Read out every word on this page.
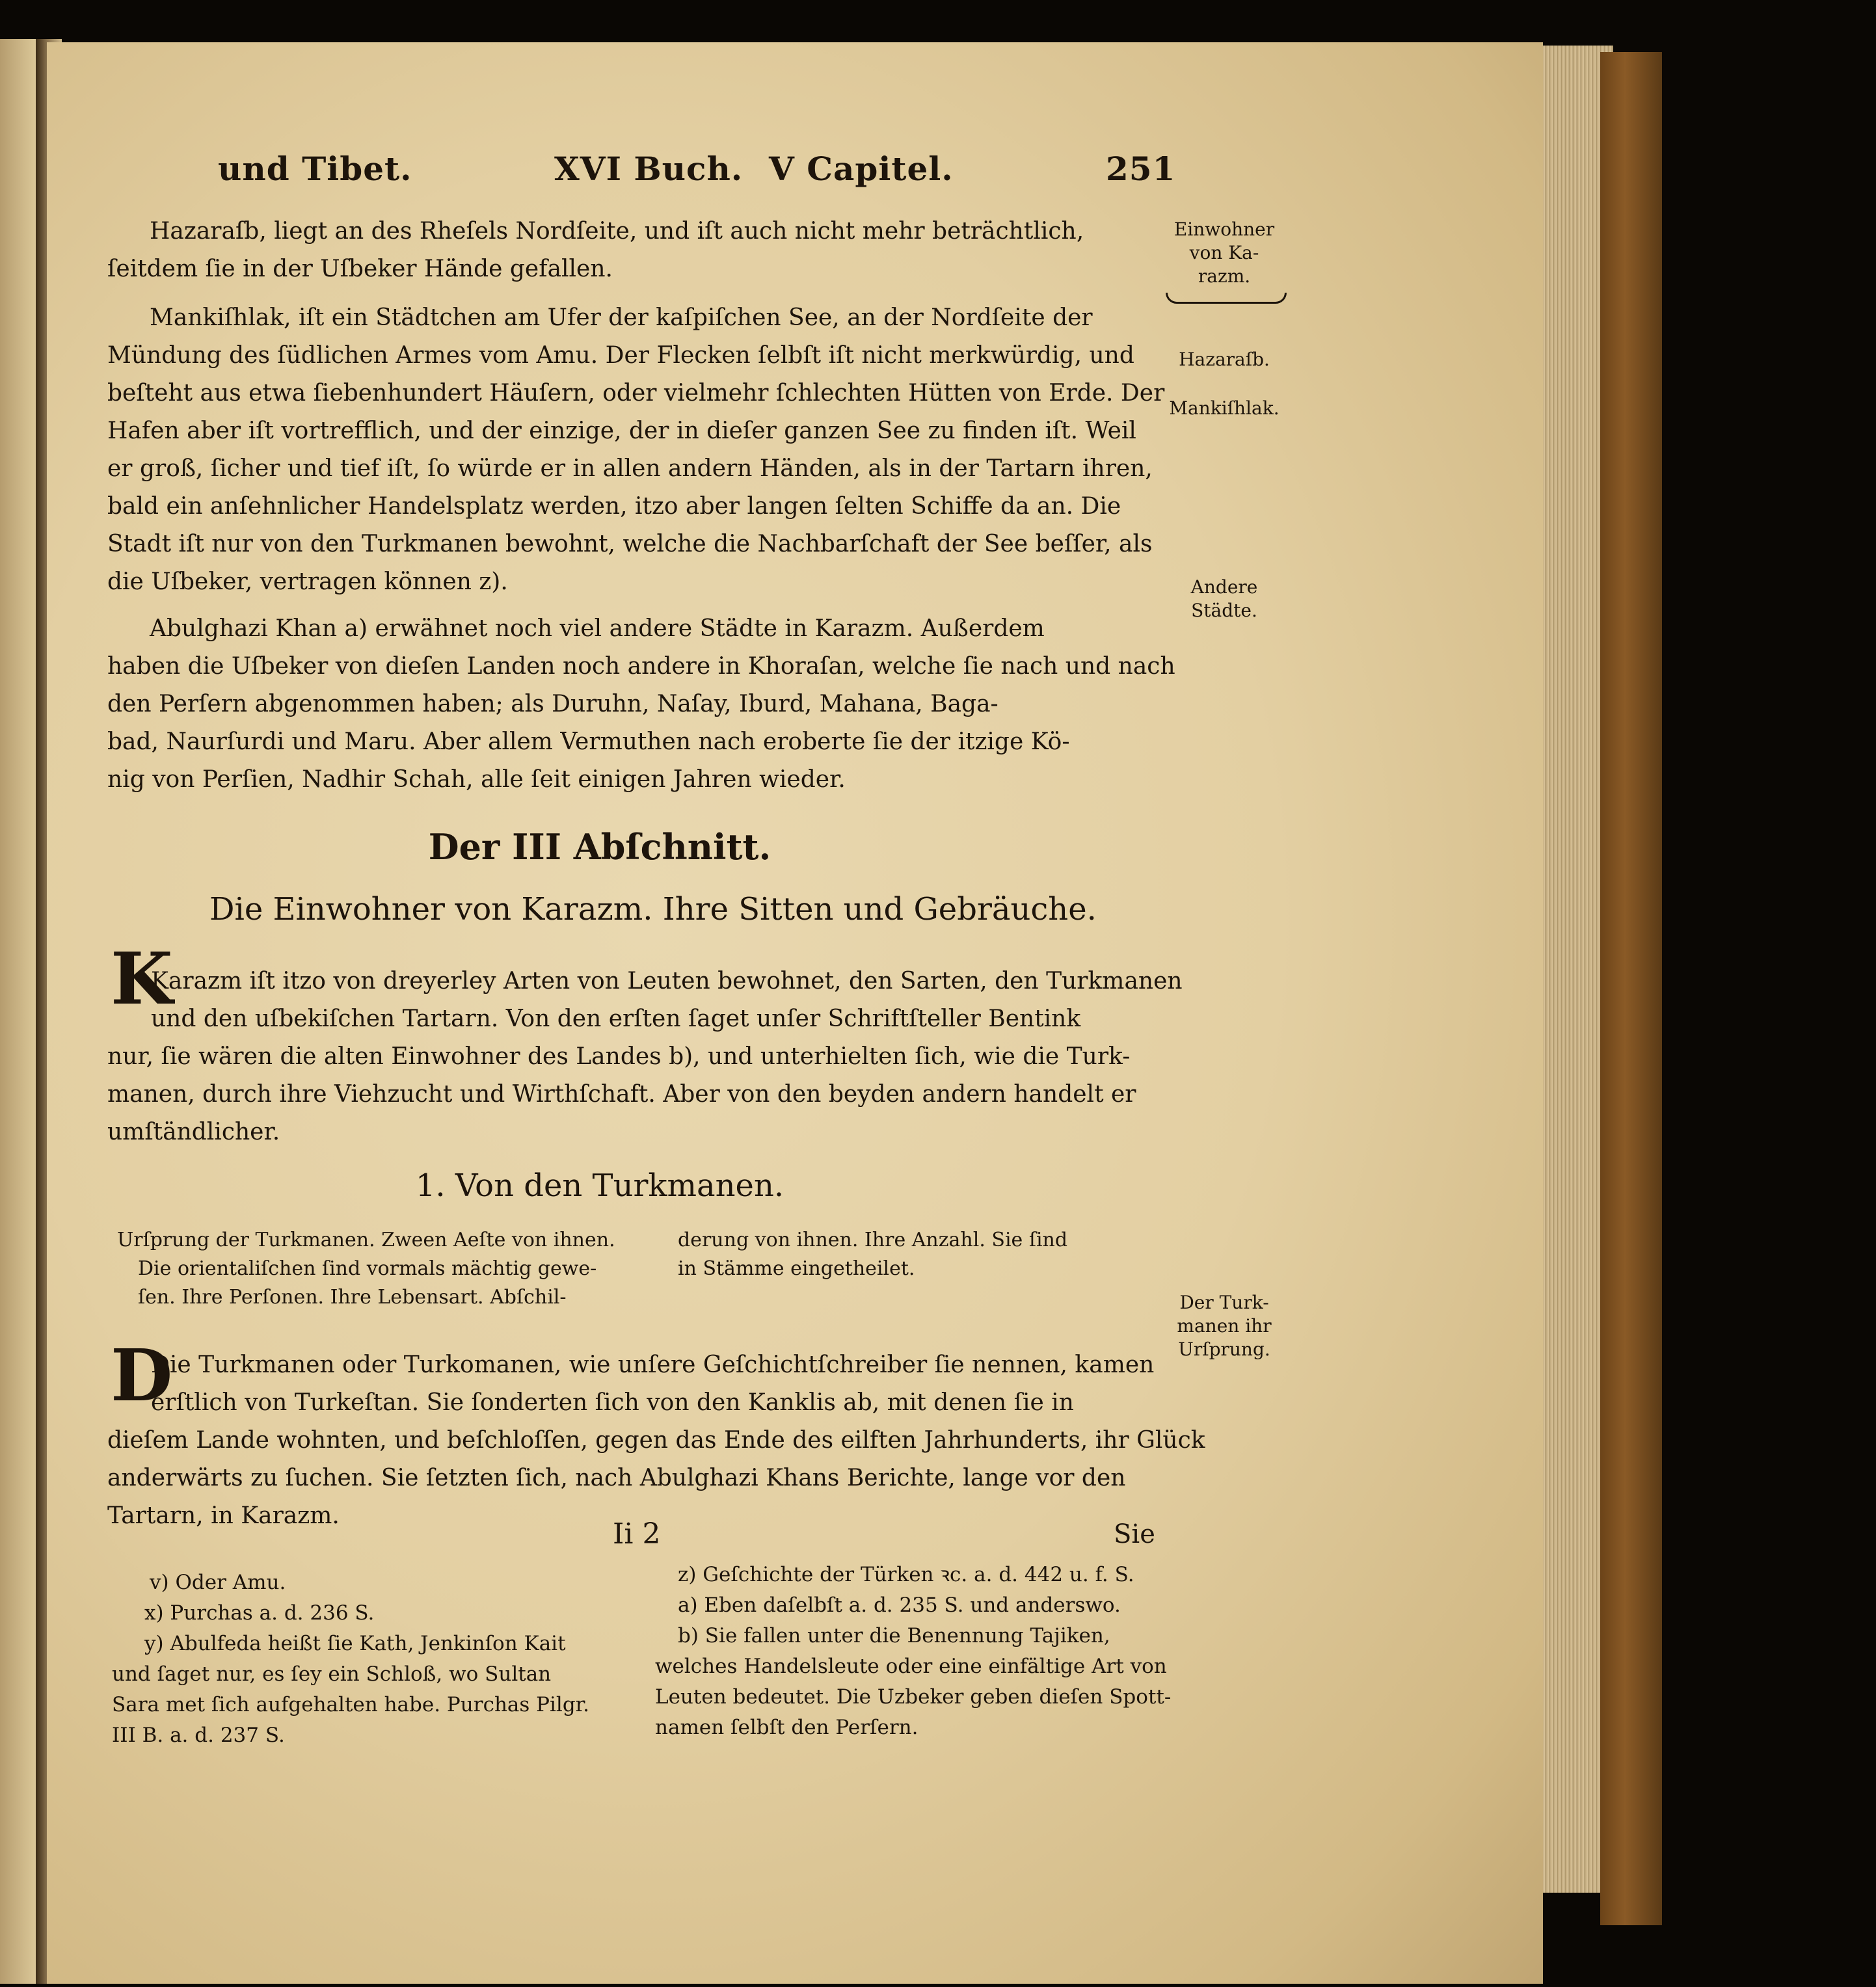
und Tibet.	XVI Buch. V Capitel.	251
Hazaraſb, liegt an des Rheſels Nordſeite, und iſt auch nicht mehr beträchtlich,
ſeitdem ſie in der Uſbeker Hände gefallen.
Mankiſhlak, iſt ein Städtchen am Ufer der kaſpiſchen See, an der Nordſeite der
Mündung des ſüdlichen Armes vom Amu. Der Flecken ſelbſt iſt nicht merkwürdig, und
beſteht aus etwa ſiebenhundert Häuſern, oder vielmehr ſchlechten Hütten von Erde. Der
Hafen aber iſt vortrefflich, und der einzige, der in dieſer ganzen See zu finden iſt. Weil
er groß, ſicher und tief iſt, ſo würde er in allen andern Händen, als in der Tartarn ihren,
bald ein anſehnlicher Handelsplatz werden, itzo aber langen ſelten Schiffe da an. Die
Stadt iſt nur von den Turkmanen bewohnt, welche die Nachbarſchaft der See beſſer, als
die Uſbeker, vertragen können z).
Abulghazi Khan a) erwähnet noch viel andere Städte in Karazm. Außerdem
haben die Uſbeker von dieſen Landen noch andere in Khoraſan, welche ſie nach und nach
den Perſern abgenommen haben; als Duruhn, Naſay, Iburd, Mahana, Baga-
bad, Naurſurdi und Maru. Aber allem Vermuthen nach eroberte ſie der itzige Kö-
nig von Perſien, Nadhir Schah, alle ſeit einigen Jahren wieder.
Der III Abſchnitt.
Die Einwohner von Karazm. Ihre Sitten und Gebräuche.
K
Karazm iſt itzo von dreyerley Arten von Leuten bewohnet, den Sarten, den Turkmanen
und den uſbekiſchen Tartarn. Von den erſten ſaget unſer Schriftſteller Bentink
nur, ſie wären die alten Einwohner des Landes b), und unterhielten ſich, wie die Turk-
manen, durch ihre Viehzucht und Wirthſchaft. Aber von den beyden andern handelt er
umſtändlicher.
1. Von den Turkmanen.
Urſprung der Turkmanen. Zween Aeſte von ihnen.
Die orientaliſchen ſind vormals mächtig gewe-
ſen. Ihre Perſonen. Ihre Lebensart. Abſchil-
derung von ihnen. Ihre Anzahl. Sie ſind
in Stämme eingetheilet.
D
Die Turkmanen oder Turkomanen, wie unſere Geſchichtſchreiber ſie nennen, kamen
erſtlich von Turkeſtan. Sie ſonderten ſich von den Kanklis ab, mit denen ſie in
dieſem Lande wohnten, und beſchloſſen, gegen das Ende des eilften Jahrhunderts, ihr Glück
anderwärts zu ſuchen. Sie ſetzten ſich, nach Abulghazi Khans Berichte, lange vor den
Tartarn, in Karazm.
Ii 2	Sie
v) Oder Amu.
x) Purchas a. d. 236 S.
y) Abulfeda heißt ſie Kath, Jenkinſon Kait
und ſaget nur, es ſey ein Schloß, wo Sultan
Sara met ſich aufgehalten habe. Purchas Pilgr.
III B. a. d. 237 S.
z) Geſchichte der Türken ꝛc. a. d. 442 u. f. S.
a) Eben daſelbſt a. d. 235 S. und anderswo.
b) Sie fallen unter die Benennung Tajiken,
welches Handelsleute oder eine einfältige Art von
Leuten bedeutet. Die Uzbeker geben dieſen Spott-
namen ſelbſt den Perſern.
Einwohner
von Ka-
razm.
Hazaraſb.
Mankiſhlak.
Andere
Städte.
Der Turk-
manen ihr
Urſprung.
